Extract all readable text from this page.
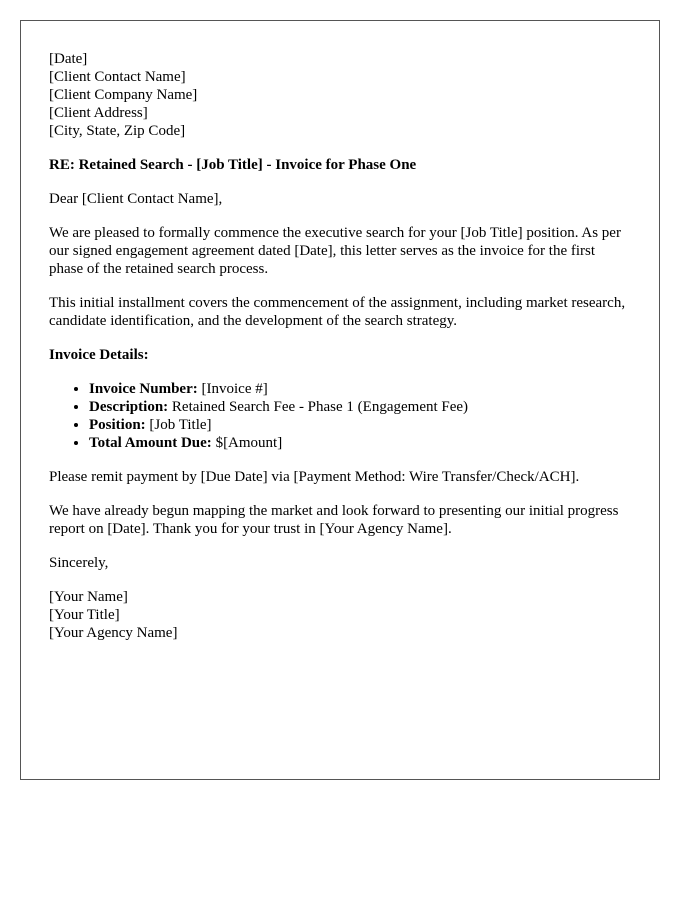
[Date]
[Client Contact Name]
[Client Company Name]
[Client Address]
[City, State, Zip Code]

RE: Retained Search - [Job Title] - Invoice for Phase One

Dear [Client Contact Name],

We are pleased to formally commence the executive search for your [Job Title] position. As per our signed engagement agreement dated [Date], this letter serves as the invoice for the first phase of the retained search process.

This initial installment covers the commencement of the assignment, including market research, candidate identification, and the development of the search strategy.

Invoice Details:

• Invoice Number: [Invoice #]
• Description: Retained Search Fee - Phase 1 (Engagement Fee)
• Position: [Job Title]
• Total Amount Due: $[Amount]

Please remit payment by [Due Date] via [Payment Method: Wire Transfer/Check/ACH].

We have already begun mapping the market and look forward to presenting our initial progress report on [Date]. Thank you for your trust in [Your Agency Name].

Sincerely,

[Your Name]
[Your Title]
[Your Agency Name]
